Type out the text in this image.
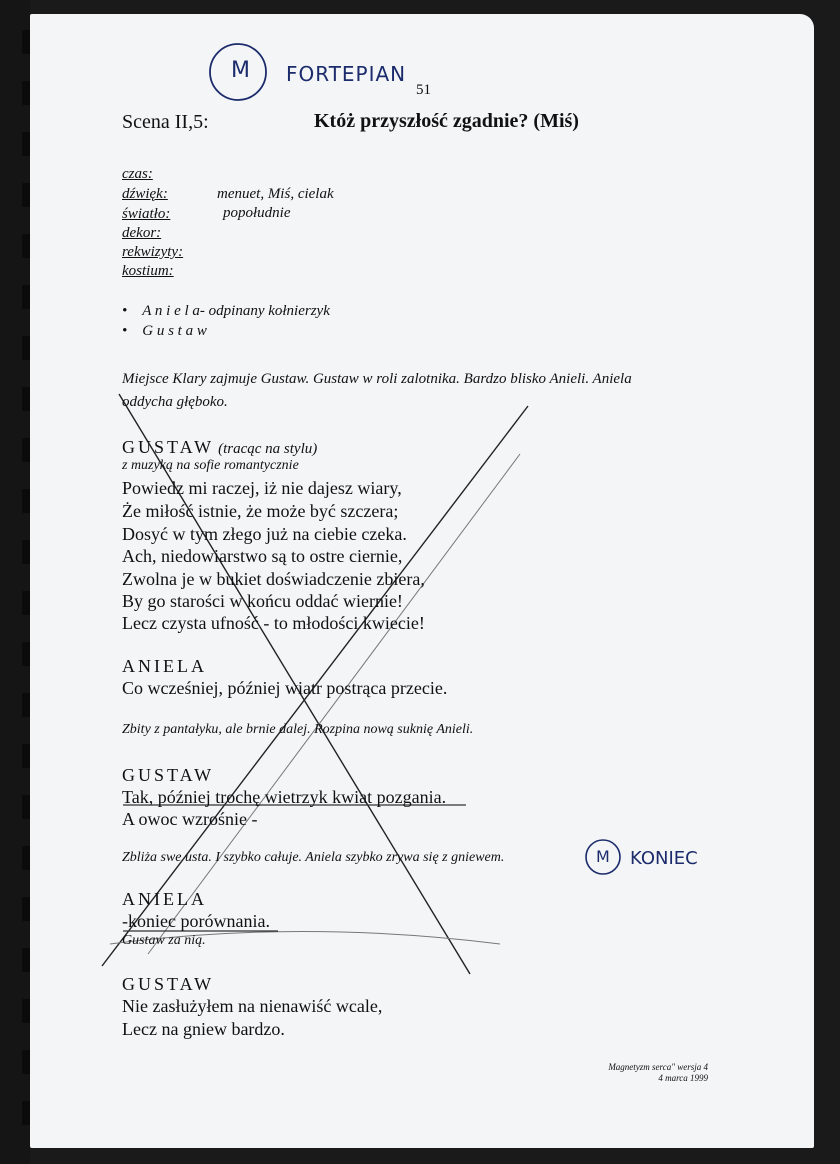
M FORTEPIAN
M KONIEC
51
Scena II,5:	Któż przyszłość zgadnie? (Miś)
czas:
dźwięk:	menuet, Miś, cielak
światło:	popołudnie
dekor:
rekwizyty:
kostium:
•    A n i e l a- odpinany kołnierzyk
•    G u s t a w
Miejsce Klary zajmuje Gustaw. Gustaw w roli zalotnika. Bardzo blisko Anieli. Aniela
oddycha głęboko.
GUSTAW (tracąc na stylu)
z muzyką na sofie romantycznie
Powiedz mi raczej, iż nie dajesz wiary,
Że miłość istnie, że może być szczera;
Dosyć w tym złego już na ciebie czeka.
Ach, niedowiarstwo są to ostre ciernie,
Zwolna je w bukiet doświadczenie zbiera,
By go starości w końcu oddać wiernie!
Lecz czysta ufność - to młodości kwiecie!
ANIELA
Co wcześniej, później wiatr postrąca przecie.
Zbity z pantałyku, ale brnie dalej. Rozpina nową suknię Anieli.
GUSTAW
Tak, później trochę wietrzyk kwiat pozgania.
A owoc wzrośnie -
Zbliża swe usta. I szybko całuje. Aniela szybko zrywa się z gniewem.
ANIELA
-koniec porównania.
Gustaw za nią.
GUSTAW
Nie zasłużyłem na nienawiść wcale,
Lecz na gniew bardzo.
Magnetyzm serca" wersja 4
4 marca 1999
